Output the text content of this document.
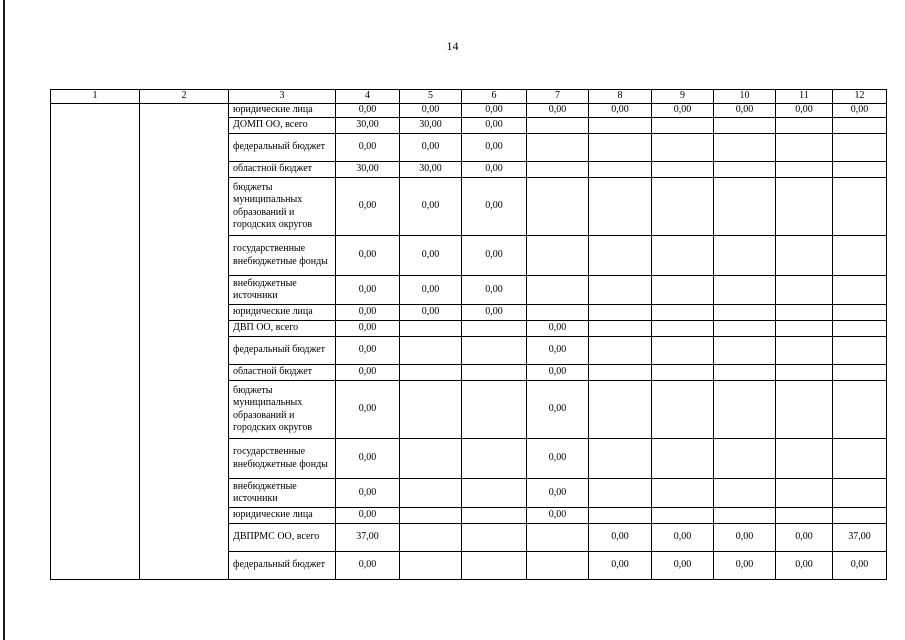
14
1	2	3	4	5	6	7	8	9	10	11	12
		юридические лица	0,00	0,00	0,00	0,00	0,00	0,00	0,00	0,00	0,00
		ДОМП ОО, всего	30,00	30,00	0,00						
		федеральный бюджет	0,00	0,00	0,00						
		областной бюджет	30,00	30,00	0,00						
		бюджеты муниципальных образований и городских округов	0,00	0,00	0,00						
		государственные внебюджетные фонды	0,00	0,00	0,00						
		внебюджетные источники	0,00	0,00	0,00						
		юридические лица	0,00	0,00	0,00						
		ДВП ОО, всего	0,00			0,00					
		федеральный бюджет	0,00			0,00					
		областной бюджет	0,00			0,00					
		бюджеты муниципальных образований и городских округов	0,00			0,00					
		государственные внебюджетные фонды	0,00			0,00					
		внебюджетные источники	0,00			0,00					
		юридические лица	0,00			0,00					
		ДВПРМС ОО, всего	37,00				0,00	0,00	0,00	0,00	37,00
		федеральный бюджет	0,00				0,00	0,00	0,00	0,00	0,00
